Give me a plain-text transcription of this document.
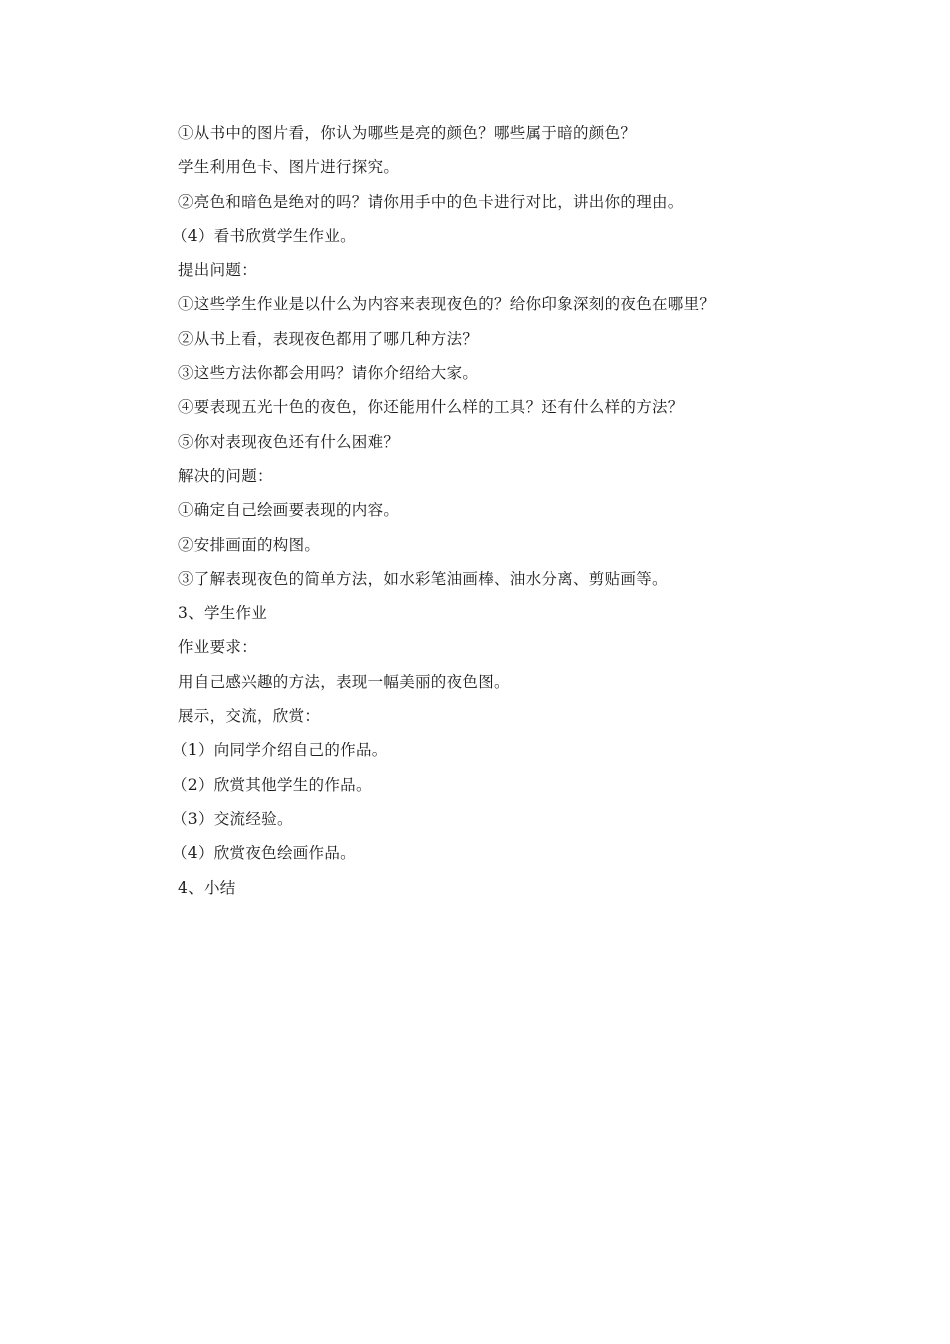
①从书中的图片看，你认为哪些是亮的颜色？哪些属于暗的颜色？
学生利用色卡、图片进行探究。
②亮色和暗色是绝对的吗？请你用手中的色卡进行对比，讲出你的理由。
（4）看书欣赏学生作业。
提出问题：
①这些学生作业是以什么为内容来表现夜色的？给你印象深刻的夜色在哪里？
②从书上看，表现夜色都用了哪几种方法？
③这些方法你都会用吗？请你介绍给大家。
④要表现五光十色的夜色，你还能用什么样的工具？还有什么样的方法？
⑤你对表现夜色还有什么困难？
解决的问题：
①确定自己绘画要表现的内容。
②安排画面的构图。
③了解表现夜色的简单方法，如水彩笔油画棒、油水分离、剪贴画等。
3、学生作业
作业要求：
用自己感兴趣的方法，表现一幅美丽的夜色图。
展示，交流，欣赏：
（1）向同学介绍自己的作品。
（2）欣赏其他学生的作品。
（3）交流经验。
（4）欣赏夜色绘画作品。
4、小结
